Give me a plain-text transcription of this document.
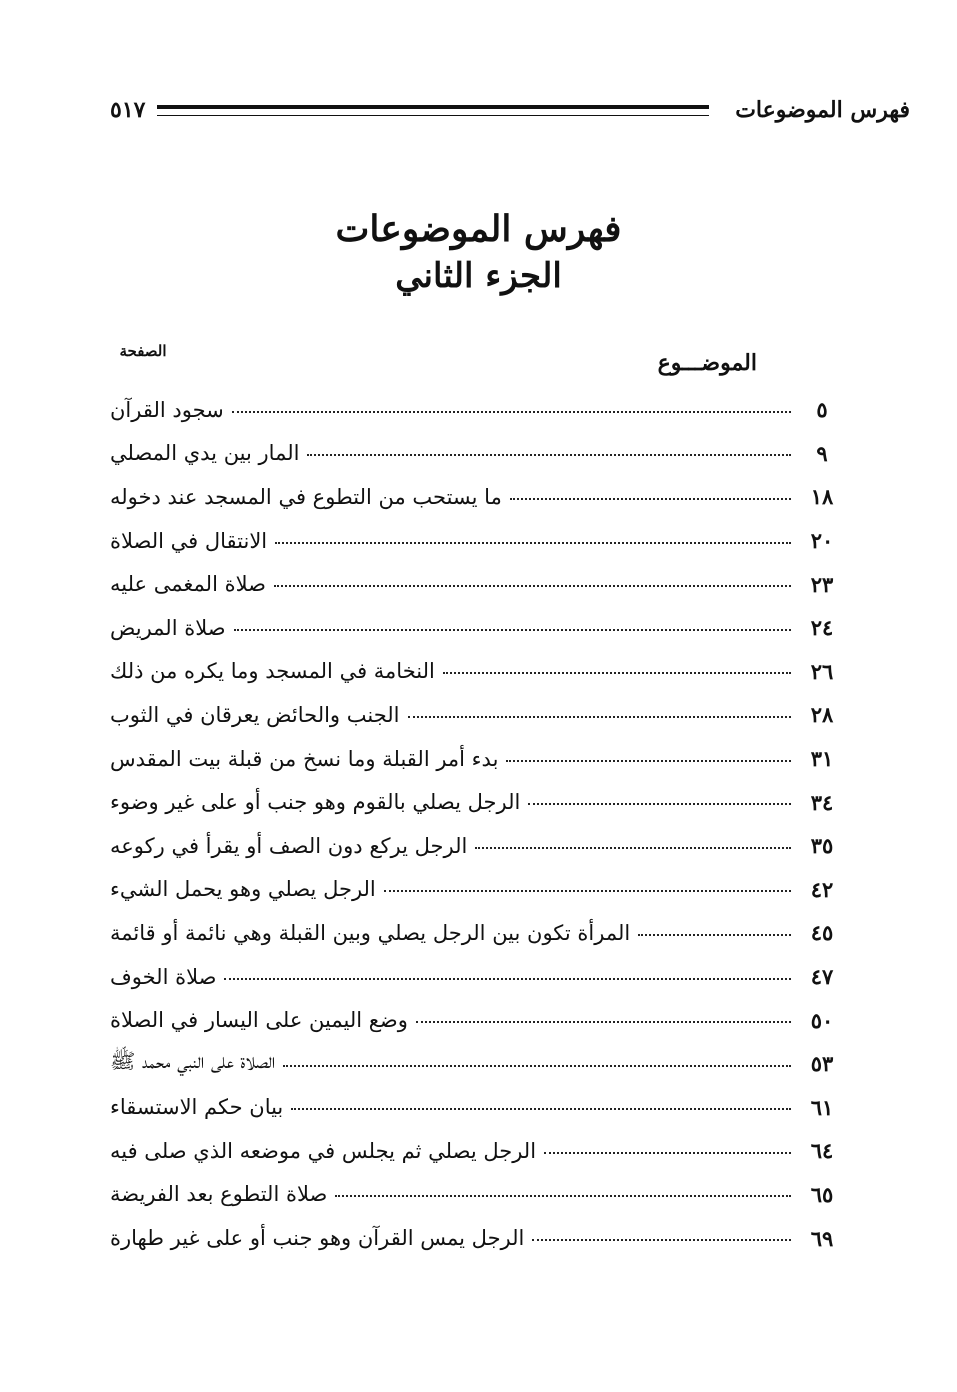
فهرس الموضوعات
٥١٧
فهرس الموضوعات
الجزء الثاني
الصفحة	الموضـــوع
سجود القرآن	٥
المار بين يدي المصلي	٩
ما يستحب من التطوع في المسجد عند دخوله	١٨
الانتقال في الصلاة	٢٠
صلاة المغمى عليه	٢٣
صلاة المريض	٢٤
النخامة في المسجد وما يكره من ذلك	٢٦
الجنب والحائض يعرقان في الثوب	٢٨
بدء أمر القبلة وما نسخ من قبلة بيت المقدس	٣١
الرجل يصلي بالقوم وهو جنب أو على غير وضوء	٣٤
الرجل يركع دون الصف أو يقرأ في ركوعه	٣٥
الرجل يصلي وهو يحمل الشيء	٤٢
المرأة تكون بين الرجل يصلي وبين القبلة وهي نائمة أو قائمة	٤٥
صلاة الخوف	٤٧
وضع اليمين على اليسار في الصلاة	٥٠
الصلاة على النبي محمد ﷺ	٥٣
بيان حكم الاستسقاء	٦١
الرجل يصلي ثم يجلس في موضعه الذي صلى فيه	٦٤
صلاة التطوع بعد الفريضة	٦٥
الرجل يمس القرآن وهو جنب أو على غير طهارة	٦٩
